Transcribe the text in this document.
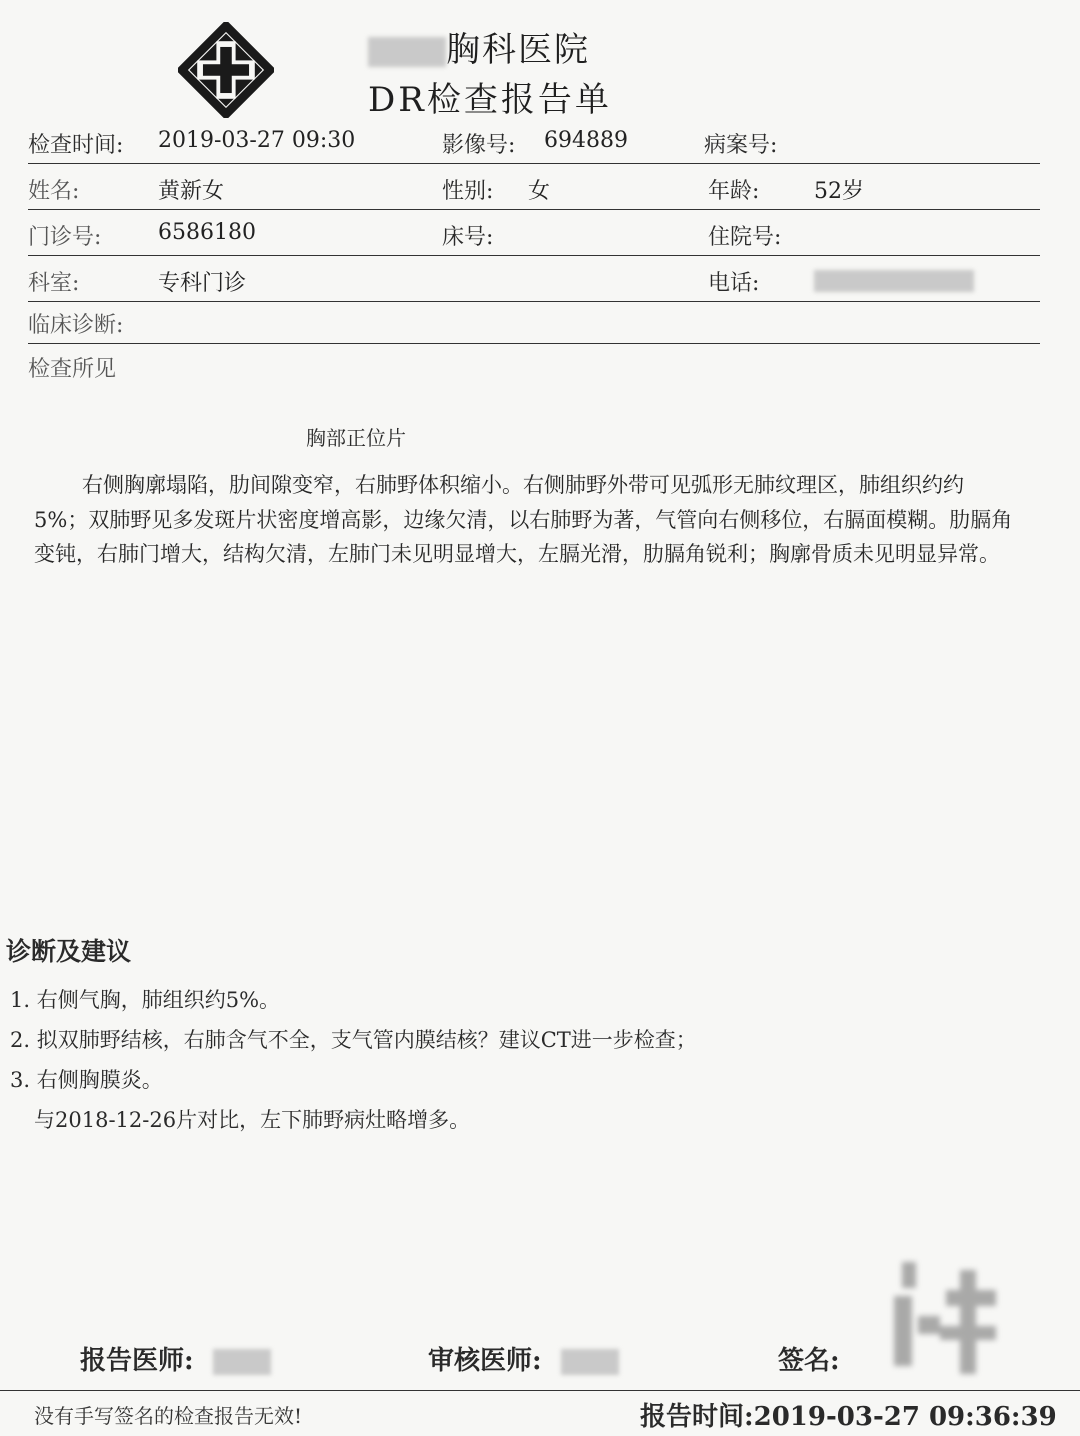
胸科医院
DR检查报告单
检查时间: 2019-03-27 09:30	影像号: 694889	病案号:
姓名:	黄新女	性别: 女	年龄: 52岁
门诊号:	6586180	床号:	住院号:
科室:	专科门诊	电话:
临床诊断:
检查所见
胸部正位片
右侧胸廓塌陷，肋间隙变窄，右肺野体积缩小。右侧肺野外带可见弧形无肺纹理区，肺组织约约5%；双肺野见多发斑片状密度增高影，边缘欠清，以右肺野为著，气管向右侧移位，右膈面模糊。肋膈角变钝，右肺门增大，结构欠清，左肺门未见明显增大，左膈光滑，肋膈角锐利；胸廓骨质未见明显异常。
诊断及建议
1. 右侧气胸，肺组织约5%。
2. 拟双肺野结核，右肺含气不全，支气管内膜结核？建议CT进一步检查；
3. 右侧胸膜炎。
与2018-12-26片对比，左下肺野病灶略增多。
报告医师:	审核医师:	签名:
没有手写签名的检查报告无效!	报告时间:2019-03-27 09:36:39
